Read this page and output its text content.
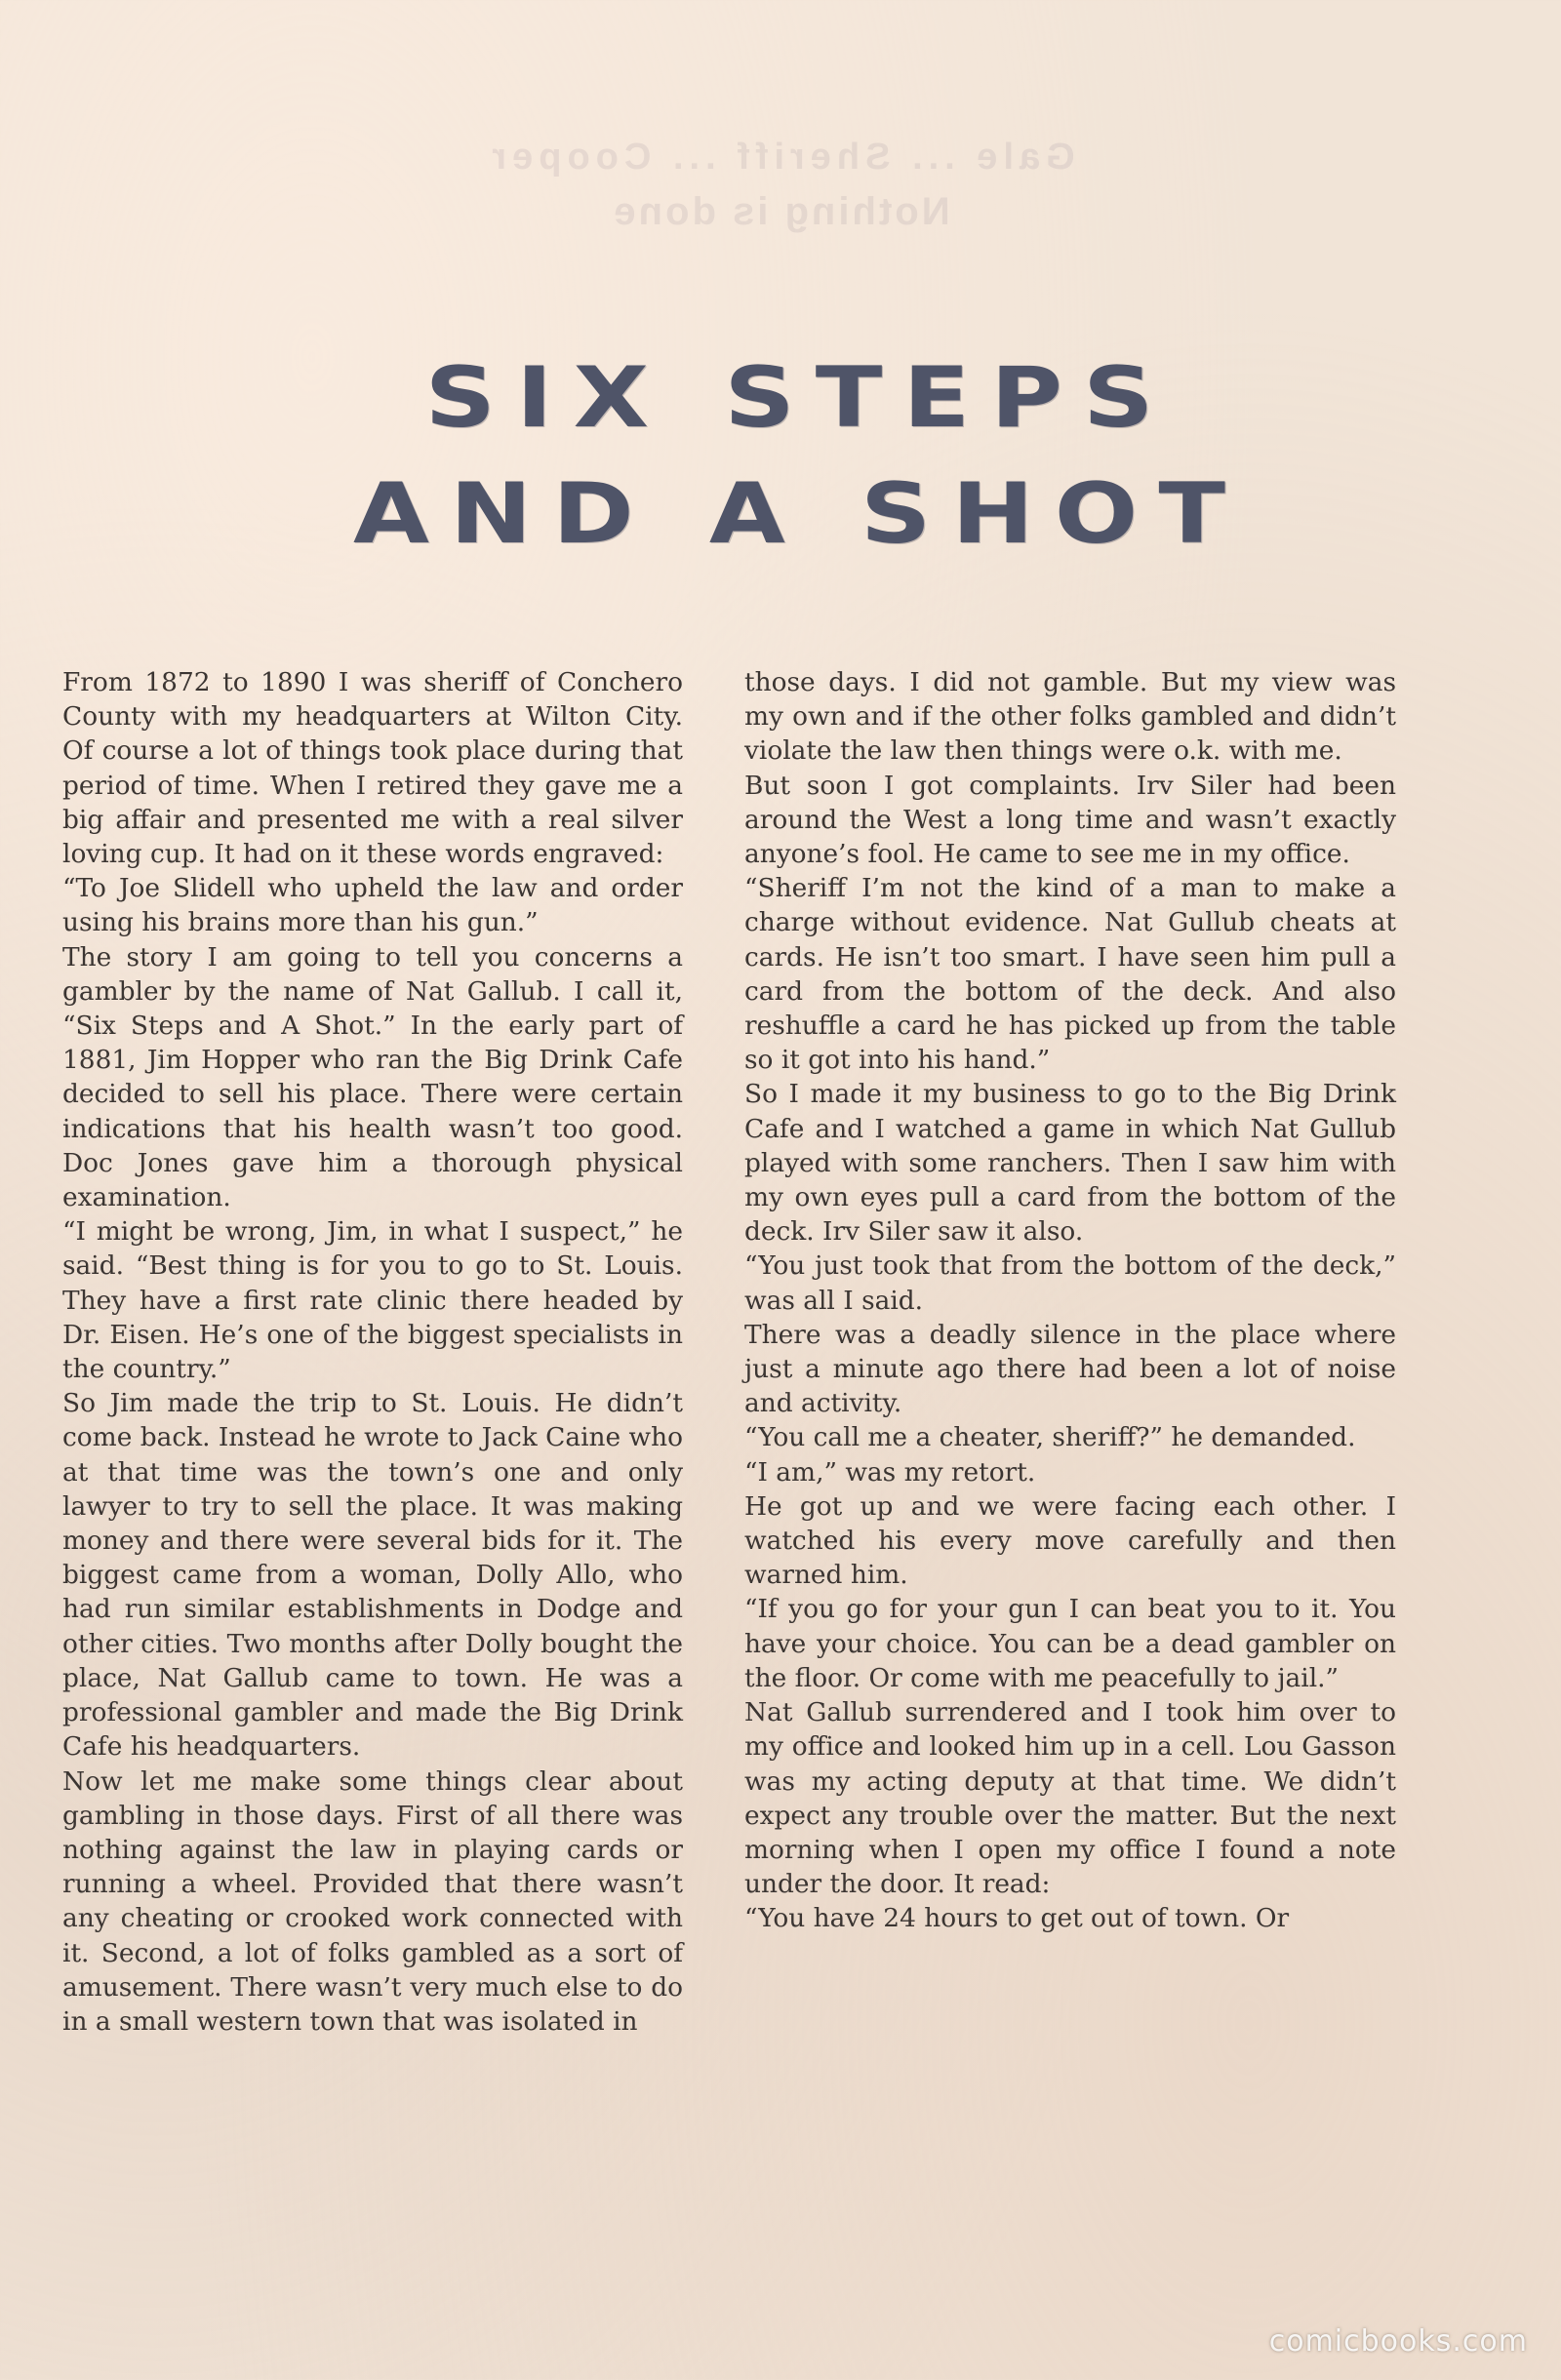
Gale ... Sheriff ... Cooper
Nothing is done
SIX STEPS
AND A SHOT

From 1872 to 1890 I was sheriff of Conchero County with my headquarters at Wilton City. Of course a lot of things took place during that period of time. When I retired they gave me a big affair and presented me with a real silver loving cup. It had on it these words engraved:

“To Joe Slidell who upheld the law and order using his brains more than his gun.”

The story I am going to tell you concerns a gambler by the name of Nat Gallub. I call it, “Six Steps and A Shot.” In the early part of 1881, Jim Hopper who ran the Big Drink Cafe decided to sell his place. There were certain indications that his health wasn’t too good. Doc Jones gave him a thorough physical examination.

“I might be wrong, Jim, in what I suspect,” he said. “Best thing is for you to go to St. Louis. They have a first rate clinic there headed by Dr. Eisen. He’s one of the biggest specialists in the country.”

So Jim made the trip to St. Louis. He didn’t come back. Instead he wrote to Jack Caine who at that time was the town’s one and only lawyer to try to sell the place. It was making money and there were several bids for it. The biggest came from a woman, Dolly Allo, who had run similar establishments in Dodge and other cities. Two months after Dolly bought the place, Nat Gallub came to town. He was a professional gambler and made the Big Drink Cafe his headquarters.

Now let me make some things clear about gambling in those days. First of all there was nothing against the law in playing cards or running a wheel. Provided that there wasn’t any cheating or crooked work connected with it. Second, a lot of folks gambled as a sort of amusement. There wasn’t very much else to do in a small western town that was isolated in

those days. I did not gamble. But my view was my own and if the other folks gambled and didn’t violate the law then things were o.k. with me.

But soon I got complaints. Irv Siler had been around the West a long time and wasn’t exactly anyone’s fool. He came to see me in my office.

“Sheriff I’m not the kind of a man to make a charge without evidence. Nat Gullub cheats at cards. He isn’t too smart. I have seen him pull a card from the bottom of the deck. And also reshuffle a card he has picked up from the table so it got into his hand.”

So I made it my business to go to the Big Drink Cafe and I watched a game in which Nat Gullub played with some ranchers. Then I saw him with my own eyes pull a card from the bottom of the deck. Irv Siler saw it also.

“You just took that from the bottom of the deck,” was all I said.

There was a deadly silence in the place where just a minute ago there had been a lot of noise and activity.

“You call me a cheater, sheriff?” he demanded.

“I am,” was my retort.

He got up and we were facing each other. I watched his every move carefully and then warned him.

“If you go for your gun I can beat you to it. You have your choice. You can be a dead gambler on the floor. Or come with me peacefully to jail.”

Nat Gallub surrendered and I took him over to my office and looked him up in a cell. Lou Gasson was my acting deputy at that time. We didn’t expect any trouble over the matter. But the next morning when I open my office I found a note under the door. It read:

“You have 24 hours to get out of town. Or

comicbooks.com
